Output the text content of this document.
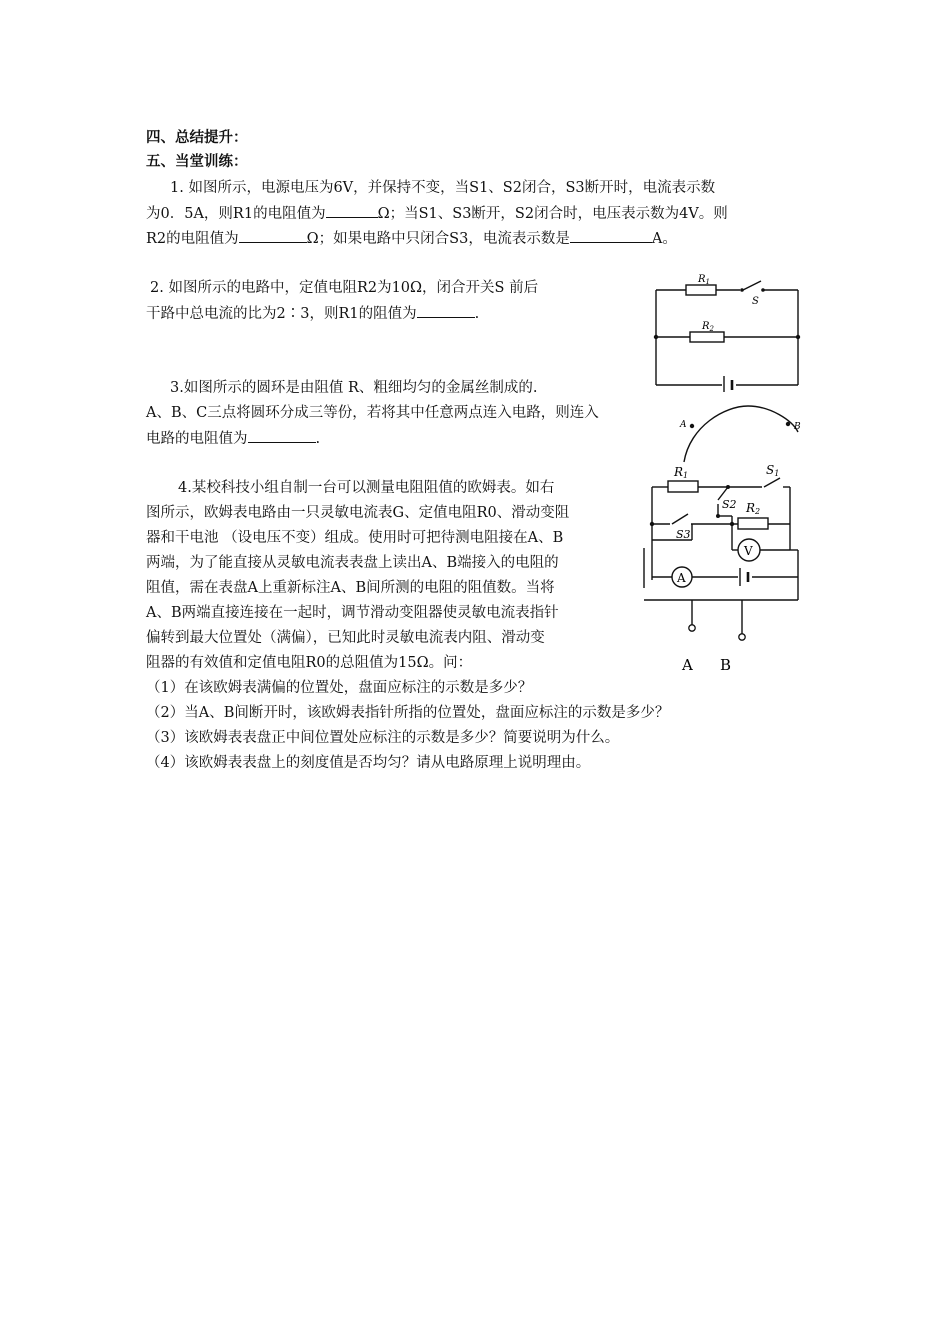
四、总结提升：
五、当堂训练：
1. 如图所示，电源电压为6V，并保持不变，当S1、S2闭合，S3断开时，电流表示数
为0．5A，则R1的电阻值为	Ω；当S1、S3断开，S2闭合时，电压表示数为4V。则
R2的电阻值为	Ω；如果电路中只闭合S3，电流表示数是	A。
2. 如图所示的电路中，定值电阻R2为10Ω，闭合开关S 前后
干路中总电流的比为2∶3，则R1的阻值为	.
3.如图所示的圆环是由阻值 R、粗细均匀的金属丝制成的.
A、B、C三点将圆环分成三等份，若将其中任意两点连入电路，则连入
电路的电阻值为	.
4.某校科技小组自制一台可以测量电阻阻值的欧姆表。如右
图所示，欧姆表电路由一只灵敏电流表G、定值电阻R0、滑动变阻
器和干电池 （设电压不变）组成。使用时可把待测电阻接在A、B
两端，为了能直接从灵敏电流表表盘上读出A、B端接入的电阻的
阻值，需在表盘A上重新标注A、B间所测的电阻的阻值数。当将
A、B两端直接连接在一起时，调节滑动变阻器使灵敏电流表指针
偏转到最大位置处（满偏），已知此时灵敏电流表内阻、滑动变
阻器的有效值和定值电阻R0的总阻值为15Ω。问：
（1）在该欧姆表满偏的位置处，盘面应标注的示数是多少？
（2）当A、B间断开时，该欧姆表指针所指的位置处，盘面应标注的示数是多少？
（3）该欧姆表表盘正中间位置处应标注的示数是多少？简要说明为什么。
（4）该欧姆表表盘上的刻度值是否均匀？请从电路原理上说明理由。
$R_1$
S
$R_2$
A	B
R1	S1
S2 R2
S3
V
A
A B
